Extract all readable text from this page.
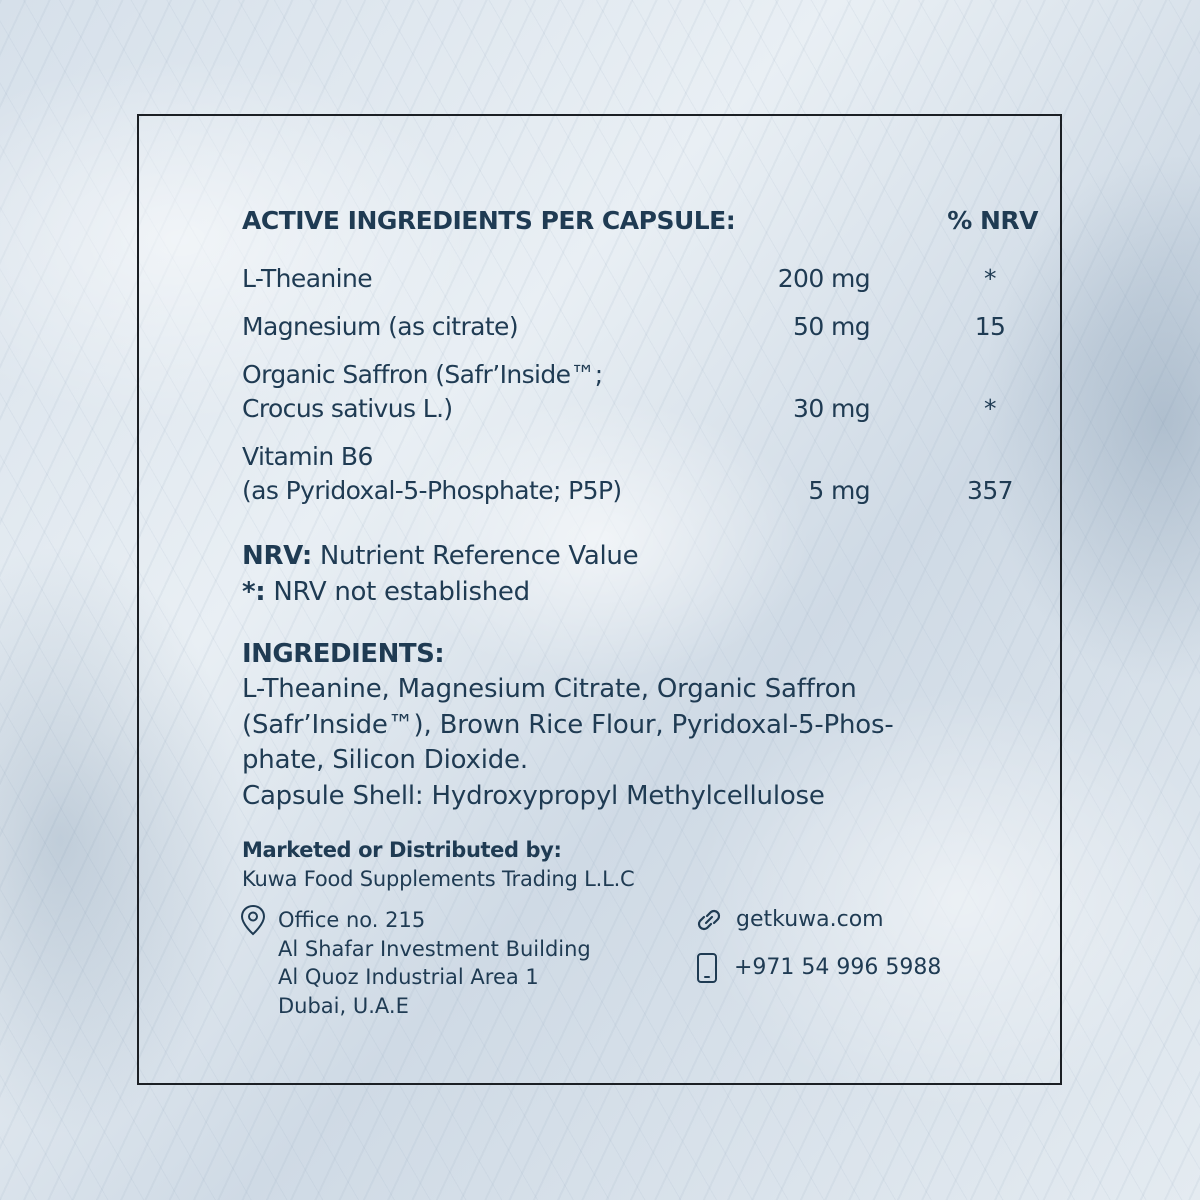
ACTIVE INGREDIENTS PER CAPSULE:	% NRV
L-Theanine	200 mg	*
Magnesium (as citrate)	50 mg	15
Organic Saffron (Safr’Inside™;
Crocus sativus L.)	30 mg	*
Vitamin B6
(as Pyridoxal-5-Phosphate; P5P)	5 mg	357
NRV: Nutrient Reference Value
*: NRV not established
INGREDIENTS:
L-Theanine, Magnesium Citrate, Organic Saffron
(Safr’Inside™), Brown Rice Flour, Pyridoxal-5-Phos-
phate, Silicon Dioxide.
Capsule Shell: Hydroxypropyl Methylcellulose
Marketed or Distributed by:
Kuwa Food Supplements Trading L.L.C
Office no. 215
Al Shafar Investment Building
Al Quoz Industrial Area 1
Dubai, U.A.E
getkuwa.com
+971 54 996 5988
